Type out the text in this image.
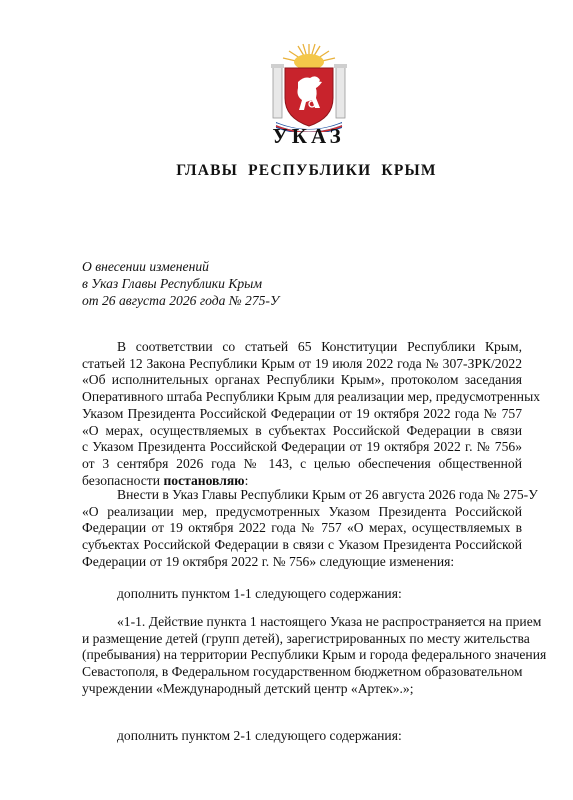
УКАЗ
ГЛАВЫ РЕСПУБЛИКИ КРЫМ
О внесении изменений
в Указ Главы Республики Крым
от 26 августа 2026 года № 275-У
В соответствии со статьей 65 Конституции Республики Крым,
статьей 12 Закона Республики Крым от 19 июля 2022 года № 307-ЗРК/2022
«Об исполнительных органах Республики Крым», протоколом заседания
Оперативного штаба Республики Крым для реализации мер, предусмотренных
Указом Президента Российской Федерации от 19 октября 2022 года № 757
«О мерах, осуществляемых в субъектах Российской Федерации в связи
с Указом Президента Российской Федерации от 19 октября 2022 г. № 756»
от 3 сентября 2026 года № 143, с целью обеспечения общественной
безопасности постановляю:
Внести в Указ Главы Республики Крым от 26 августа 2026 года № 275-У
«О реализации мер, предусмотренных Указом Президента Российской
Федерации от 19 октября 2022 года № 757 «О мерах, осуществляемых в
субъектах Российской Федерации в связи с Указом Президента Российской
Федерации от 19 октября 2022 г. № 756» следующие изменения:
дополнить пунктом 1-1 следующего содержания:
«1-1. Действие пункта 1 настоящего Указа не распространяется на прием
и размещение детей (групп детей), зарегистрированных по месту жительства
(пребывания) на территории Республики Крым и города федерального значения
Севастополя, в Федеральном государственном бюджетном образовательном
учреждении «Международный детский центр «Артек».»;
дополнить пунктом 2-1 следующего содержания:
